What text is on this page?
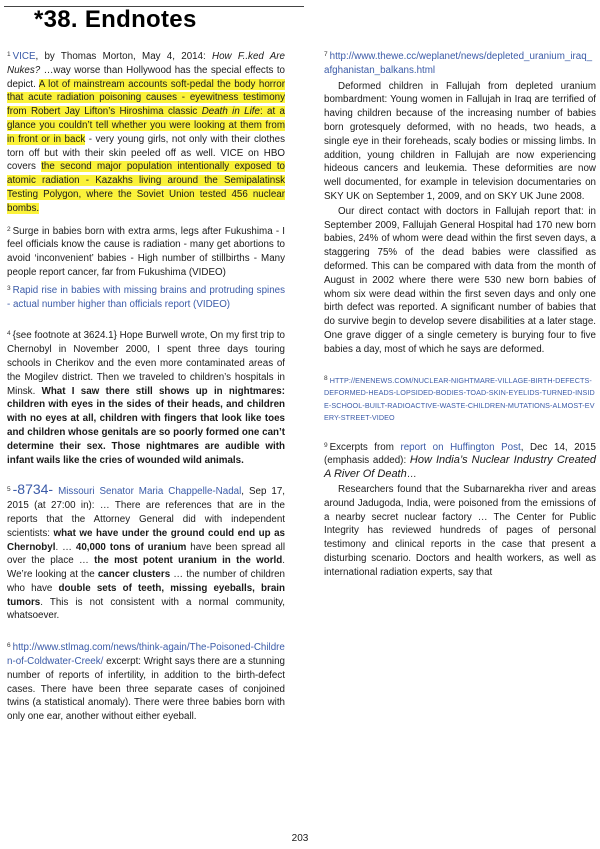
*38. Endnotes

$^1$ VICE, by Thomas Morton, May 4, 2014: How F..ked Are Nukes? …way worse than Hollywood has the special effects to depict. A lot of mainstream accounts soft-pedal the body horror that acute radiation poisoning causes - eyewitness testimony from Robert Jay Lifton’s Hiroshima classic Death in Life: at a glance you couldn’t tell whether you were looking at them from in front or in back - very young girls, not only with their clothes torn off but with their skin peeled off as well. VICE on HBO covers the second major population intentionally exposed to atomic radiation - Kazakhs living around the Semipalatinsk Testing Polygon, where the Soviet Union tested 456 nuclear bombs.

$^2$ Surge in babies born with extra arms, legs after Fukushima - I feel officials know the cause is radiation - many get abortions to avoid ‘inconvenient’ babies - High number of stillbirths - Many people report cancer, far from Fukushima (VIDEO)

$^3$ Rapid rise in babies with missing brains and protruding spines - actual number higher than officials report (VIDEO)

$^4$ {see footnote at 3624.1} Hope Burwell wrote, On my first trip to Chernobyl in November 2000, I spent three days touring schools in Cherikov and the even more contaminated areas of the Mogilev district. Then we traveled to children’s hospitals in Minsk. What I saw there still shows up in nightmares: children with eyes in the sides of their heads, and children with no eyes at all, children with fingers that look like toes and children whose genitals are so poorly formed one can’t determine their sex. Those nightmares are audible with infant wails like the cries of wounded wild animals.

$^5$ -8734- Missouri Senator Maria Chappelle-Nadal, Sep 17, 2015 (at 27:00 in): … There are references that are in the reports that the Attorney General did with independent scientists: what we have under the ground could end up as Chernobyl. … 40,000 tons of uranium have been spread all over the place … the most potent uranium in the world. We’re looking at the cancer clusters … the number of children who have double sets of teeth, missing eyeballs, brain tumors. This is not consistent with a normal community, whatsoever.

$^6$ http://www.stlmag.com/news/think-again/The-Poisoned-Children-of-Coldwater-Creek/ excerpt: Wright says there are a stunning number of reports of infertility, in addition to the birth-defect cases. There have been three separate cases of conjoined twins (a statistical anomaly). There were three babies born with only one ear, another without either eyeball.

$^7$ http://www.thewe.cc/weplanet/news/depleted_uranium_iraq_afghanistan_balkans.html

Deformed children in Fallujah from depleted uranium bombardment: Young women in Fallujah in Iraq are terrified of having children because of the increasing number of babies born grotesquely deformed, with no heads, two heads, a single eye in their foreheads, scaly bodies or missing limbs. In addition, young children in Fallujah are now experiencing hideous cancers and leukemia. These deformities are now well documented, for example in television documentaries on SKY UK on September 1, 2009, and on SKY UK June 2008.

Our direct contact with doctors in Fallujah report that: in September 2009, Fallujah General Hospital had 170 new born babies, 24% of whom were dead within the first seven days, a staggering 75% of the dead babies were classified as deformed. This can be compared with data from the month of August in 2002 where there were 530 new born babies of whom six were dead within the first seven days and only one birth defect was reported. A significant number of babies that do survive begin to develop severe disabilities at a later stage. One grave digger of a single cemetery is burying four to five babies a day, most of which he says are deformed.

$^8$ HTTP://ENENEWS.COM/NUCLEAR-NIGHTMARE-VILLAGE-BIRTH-DEFECTS-DEFORMED-HEADS-LOPSIDED-BODIES-TOAD-SKIN-EYELIDS-TURNED-INSIDE-SCHOOL-BUILT-RADIOACTIVE-WASTE-CHILDREN-MUTATIONS-ALMOST-EVERY-STREET-VIDEO

$^9$ Excerpts from report on Huffington Post, Dec 14, 2015 (emphasis added): How India’s Nuclear Industry Created A River Of Death…

Researchers found that the Subarnarekha river and areas around Jadugoda, India, were poisoned from the emissions of a nearby secret nuclear factory … The Center for Public Integrity has reviewed hundreds of pages of personal testimony and clinical reports in the case that present a disturbing scenario. Doctors and health workers, as well as international radiation experts, say that

203
